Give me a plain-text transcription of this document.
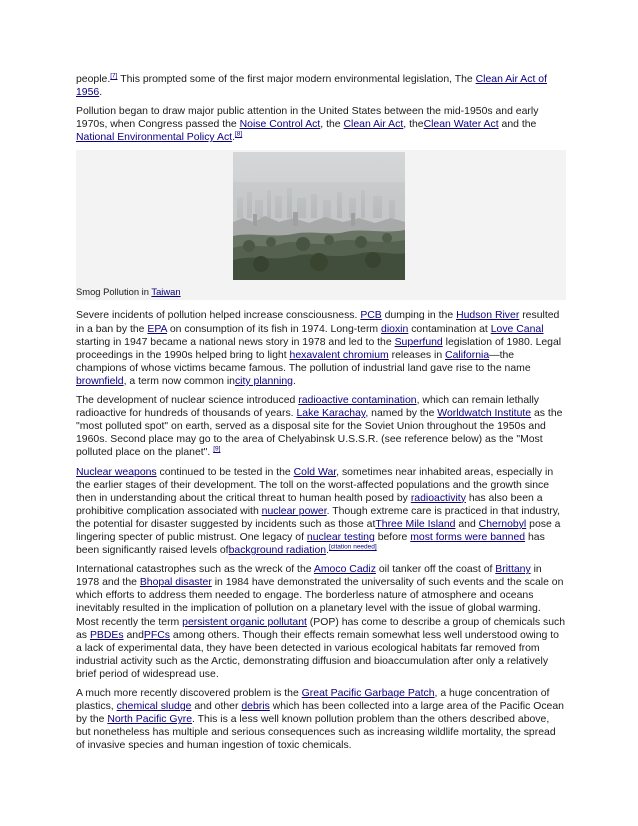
people.[7] This prompted some of the first major modern environmental legislation, The Clean Air Act of 1956.

Pollution began to draw major public attention in the United States between the mid-1950s and early 1970s, when Congress passed the Noise Control Act, the Clean Air Act, theClean Water Act and the National Environmental Policy Act.[8]

Smog Pollution in Taiwan

Severe incidents of pollution helped increase consciousness. PCB dumping in the Hudson River resulted in a ban by the EPA on consumption of its fish in 1974. Long-term dioxin contamination at Love Canal starting in 1947 became a national news story in 1978 and led to the Superfund legislation of 1980. Legal proceedings in the 1990s helped bring to light hexavalent chromium releases in California—the champions of whose victims became famous. The pollution of industrial land gave rise to the name brownfield, a term now common incity planning.

The development of nuclear science introduced radioactive contamination, which can remain lethally radioactive for hundreds of thousands of years. Lake Karachay, named by the Worldwatch Institute as the "most polluted spot" on earth, served as a disposal site for the Soviet Union throughout the 1950s and 1960s. Second place may go to the area of Chelyabinsk U.S.S.R. (see reference below) as the "Most polluted place on the planet". [9]

Nuclear weapons continued to be tested in the Cold War, sometimes near inhabited areas, especially in the earlier stages of their development. The toll on the worst-affected populations and the growth since then in understanding about the critical threat to human health posed by radioactivity has also been a prohibitive complication associated with nuclear power. Though extreme care is practiced in that industry, the potential for disaster suggested by incidents such as those atThree Mile Island and Chernobyl pose a lingering specter of public mistrust. One legacy of nuclear testing before most forms were banned has been significantly raised levels ofbackground radiation.[citation needed]

International catastrophes such as the wreck of the Amoco Cadiz oil tanker off the coast of Brittany in 1978 and the Bhopal disaster in 1984 have demonstrated the universality of such events and the scale on which efforts to address them needed to engage. The borderless nature of atmosphere and oceans inevitably resulted in the implication of pollution on a planetary level with the issue of global warming. Most recently the term persistent organic pollutant (POP) has come to describe a group of chemicals such as PBDEs andPFCs among others. Though their effects remain somewhat less well understood owing to a lack of experimental data, they have been detected in various ecological habitats far removed from industrial activity such as the Arctic, demonstrating diffusion and bioaccumulation after only a relatively brief period of widespread use.

A much more recently discovered problem is the Great Pacific Garbage Patch, a huge concentration of plastics, chemical sludge and other debris which has been collected into a large area of the Pacific Ocean by the North Pacific Gyre. This is a less well known pollution problem than the others described above, but nonetheless has multiple and serious consequences such as increasing wildlife mortality, the spread of invasive species and human ingestion of toxic chemicals.
